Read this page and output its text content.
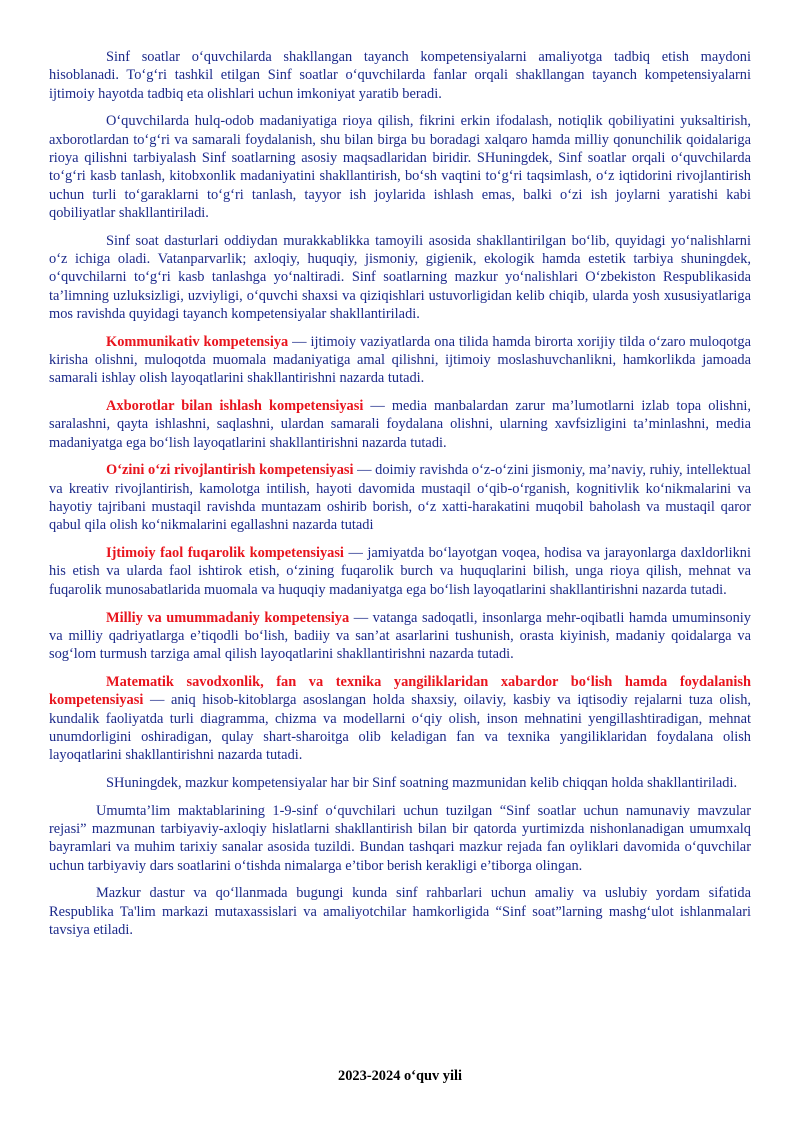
Sinf soatlar o‘quvchilarda shakllangan tayanch kompetensiyalarni amaliyotga tadbiq etish maydoni hisoblanadi. To‘g‘ri tashkil etilgan Sinf soatlar o‘quvchilarda fanlar orqali shakllangan tayanch kompetensiyalarni ijtimoiy hayotda tadbiq eta olishlari uchun imkoniyat yaratib beradi.

O‘quvchilarda hulq-odob madaniyatiga rioya qilish, fikrini erkin ifodalash, notiqlik qobiliyatini yuksaltirish, axborotlardan to‘g‘ri va samarali foydalanish, shu bilan birga bu boradagi xalqaro hamda milliy qonunchilik qoidalariga rioya qilishni tarbiyalash Sinf soatlarning asosiy maqsadlaridan biridir. SHuningdek, Sinf soatlar orqali o‘quvchilarda to‘g‘ri kasb tanlash, kitobxonlik madaniyatini shakllantirish, bo‘sh vaqtini to‘g‘ri taqsimlash, o‘z iqtidorini rivojlantirish uchun turli to‘garaklarni to‘g‘ri tanlash, tayyor ish joylarida ishlash emas, balki o‘zi ish joylarni yaratishi kabi qobiliyatlar shakllantiriladi.

Sinf soat dasturlari oddiydan murakkablikka tamoyili asosida shakllantirilgan bo‘lib, quyidagi yo‘nalishlarni o‘z ichiga oladi. Vatanparvarlik; axloqiy, huquqiy, jismoniy, gigienik, ekologik hamda estetik tarbiya shuningdek, o‘quvchilarni to‘g‘ri kasb tanlashga yo‘naltiradi. Sinf soatlarning mazkur yo‘nalishlari O‘zbekiston Respublikasida ta’limning uzluksizligi, uzviyligi, o‘quvchi shaxsi va qiziqishlari ustuvorligidan kelib chiqib, ularda yosh xususiyatlariga mos ravishda quyidagi tayanch kompetensiyalar shakllantiriladi.

Kommunikativ kompetensiya — ijtimoiy vaziyatlarda ona tilida hamda birorta xorijiy tilda o‘zaro muloqotga kirisha olishni, muloqotda muomala madaniyatiga amal qilishni, ijtimoiy moslashuvchanlikni, hamkorlikda jamoada samarali ishlay olish layoqatlarini shakllantirishni nazarda tutadi.

Axborotlar bilan ishlash kompetensiyasi — media manbalardan zarur ma’lumotlarni izlab topa olishni, saralashni, qayta ishlashni, saqlashni, ulardan samarali foydalana olishni, ularning xavfsizligini ta’minlashni, media madaniyatga ega bo‘lish layoqatlarini shakllantirishni nazarda tutadi.

O‘zini o‘zi rivojlantirish kompetensiyasi — doimiy ravishda o‘z-o‘zini jismoniy, ma’naviy, ruhiy, intellektual va kreativ rivojlantirish, kamolotga intilish, hayoti davomida mustaqil o‘qib-o‘rganish, kognitivlik ko‘nikmalarini va hayotiy tajribani mustaqil ravishda muntazam oshirib borish, o‘z xatti-harakatini muqobil baholash va mustaqil qaror qabul qila olish ko‘nikmalarini egallashni nazarda tutadi

Ijtimoiy faol fuqarolik kompetensiyasi — jamiyatda bo‘layotgan voqea, hodisa va jarayonlarga daxldorlikni his etish va ularda faol ishtirok etish, o‘zining fuqarolik burch va huquqlarini bilish, unga rioya qilish, mehnat va fuqarolik munosabatlarida muomala va huquqiy madaniyatga ega bo‘lish layoqatlarini shakllantirishni nazarda tutadi.

Milliy va umummadaniy kompetensiya — vatanga sadoqatli, insonlarga mehr-oqibatli hamda umuminsoniy va milliy qadriyatlarga e’tiqodli bo‘lish, badiiy va san’at asarlarini tushunish, orasta kiyinish, madaniy qoidalarga va sog‘lom turmush tarziga amal qilish layoqatlarini shakllantirishni nazarda tutadi.

Matematik savodxonlik, fan va texnika yangiliklaridan xabardor bo‘lish hamda foydalanish kompetensiyasi — aniq hisob-kitoblarga asoslangan holda shaxsiy, oilaviy, kasbiy va iqtisodiy rejalarni tuza olish, kundalik faoliyatda turli diagramma, chizma va modellarni o‘qiy olish, inson mehnatini yengillashtiradigan, mehnat unumdorligini oshiradigan, qulay shart-sharoitga olib keladigan fan va texnika yangiliklaridan foydalana olish layoqatlarini shakllantirishni nazarda tutadi.

SHuningdek, mazkur kompetensiyalar har bir Sinf soatning mazmunidan kelib chiqqan holda shakllantiriladi.

Umumta’lim maktablarining 1-9-sinf o‘quvchilari uchun tuzilgan “Sinf soatlar uchun namunaviy mavzular rejasi” mazmunan tarbiyaviy-axloqiy hislatlarni shakllantirish bilan bir qatorda yurtimizda nishonlanadigan umumxalq bayramlari va muhim tarixiy sanalar asosida tuzildi. Bundan tashqari mazkur rejada fan oyliklari davomida o‘quvchilar uchun tarbiyaviy dars soatlarini o‘tishda nimalarga e’tibor berish kerakligi e’tiborga olingan.

Mazkur dastur va qo‘llanmada bugungi kunda sinf rahbarlari uchun amaliy va uslubiy yordam sifatida Respublika Ta'lim markazi mutaxassislari va amaliyotchilar hamkorligida “Sinf soat”larning mashg‘ulot ishlanmalari tavsiya etiladi.

2023-2024 o‘quv yili
